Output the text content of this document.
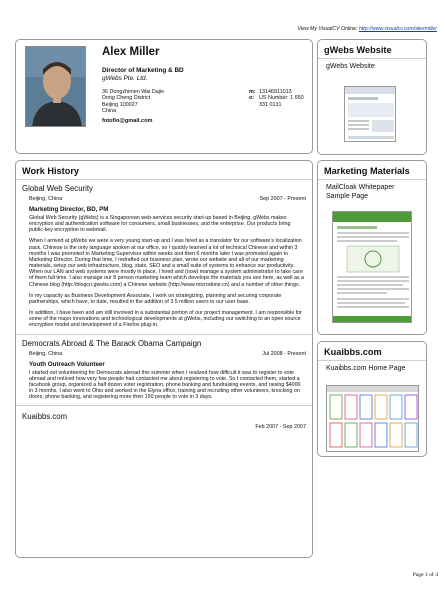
View My VisualCV Online: http://www.visualcv.com/alexmiller
Alex Miller
Director of Marketing & BD
gWebs Pte. Ltd.
36 Dongzhimen Wai Dajie
Dong Cheng District
Beijing 100027
China
fotofio@gmail.com
m: 13146911013
o: US Number: 1 650
331 0131
Work History
Global Web Security
Beijing, China	Sep 2007 - Present
Marketing Director, BD, PM
Global Web Security (gWebs) is a Singaporean web-services security start-up based in Beijing. gWebs makes encryption and authentication software for consumers, small businesses, and the enterprise. Our products bring public-key encryption to webmail.
When I arrived at gWebs we were a very young start-up and I was hired as a translator for our software's localization pack. Chinese is the only language spoken at our office, so I quickly learned a lot of technical Chinese and within 3 months I was promoted to Marketing Supervisor within weeks and then 6 months later I was promoted again to Marketing Director. During that time, I redrafted our business plan, wrote our website and all of our marketing materials, setup our web infrastructure, blog, stats, SEO and a small suite of systems to enhance our productivity. When our LAN and web systems were mostly in place, I hired and (now) manage a system administrator to take care of them full time. I also manage our 8 person marketing team which develops the materials you see here, as well as a Chinese blog (http://blogcn.gwebs.com) a Chinese website (http://www.microdone.cn) and a number of other things.
In my capacity as Business Development Associate, I work on strategizing, planning and securing corporate partnerships, which have, to date, resulted in the addition of 3.5 million users to our user base.
In addition, I have been and am still involved in a substantial portion of our project management. I am responsible for some of the major innovations and technological developments at gWebs, including our switching to an open source encryption model and development of a Firefox plug-in.
Democrats Abroad & The Barack Obama Campaign
Beijing, China	Jul 2008 - Present
Youth Outreach Volunteer
I started out volunteering for Democrats abroad this summer when I realized how difficult it was to register to vote abroad and noticed how very few people had contacted me about registering to vote. So I contacted them, started a facebook group, organized a half dozen voter registration, phone banking and fundraising events, and raising $4000 in 3 months. I also went to Ohio and worked in the Elyria office, training and recruiting other volunteers, knocking on doors, phone banking, and registering more then 150 people to vote in 3 days.
Kuaibbs.com
Feb 2007 - Sep 2007
gWebs Website
gWebs Website
Marketing Materials
MailCloak Whitepaper Sample Page
Kuaibbs.com
Kuaibbs.com Home Page
Page 1 of 4
